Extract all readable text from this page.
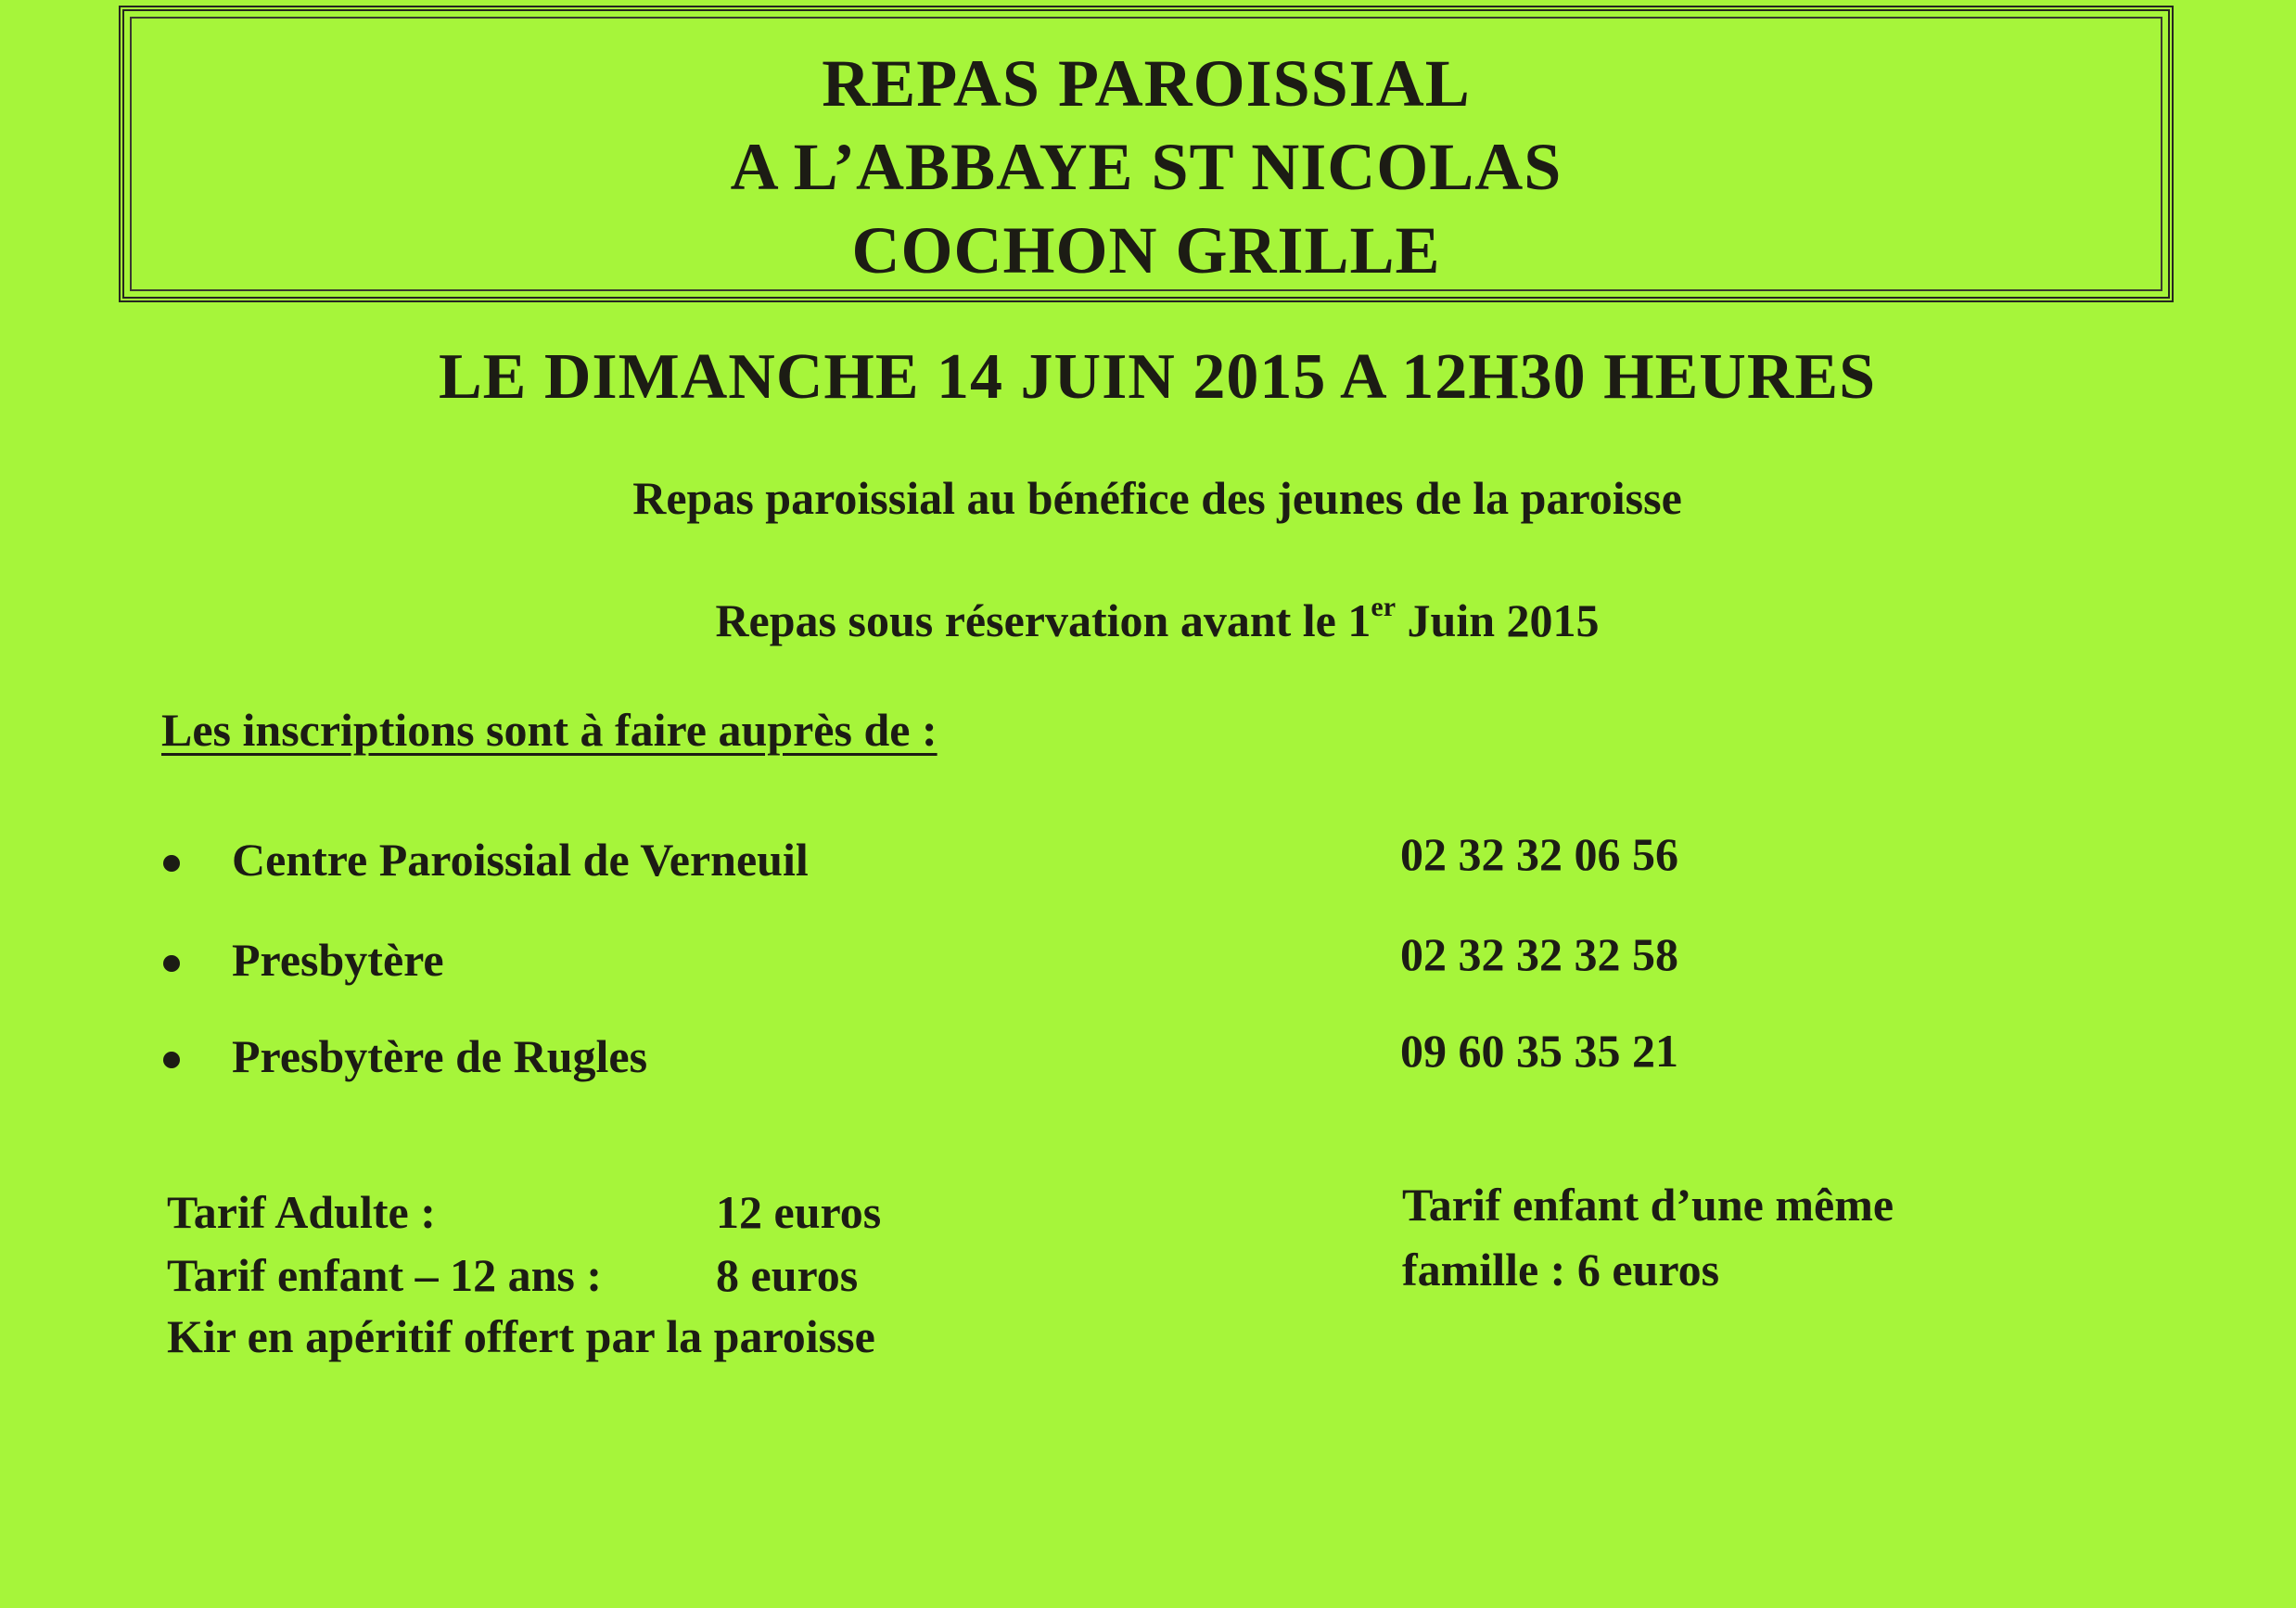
REPAS PAROISSIAL
A L’ABBAYE ST NICOLAS
COCHON GRILLE
LE DIMANCHE 14 JUIN 2015 A 12H30 HEURES
Repas paroissial au bénéfice des jeunes de la paroisse
Repas sous réservation avant le 1er Juin 2015
Les inscriptions sont à faire auprès de :
Centre Paroissial de Verneuil	02 32 32 06 56
Presbytère	02 32 32 32 58
Presbytère de Rugles	09 60 35 35 21
Tarif Adulte :	12 euros
Tarif enfant – 12 ans : 8 euros
Kir en apéritif offert par la paroisse
Tarif enfant d’une même
famille : 6 euros
